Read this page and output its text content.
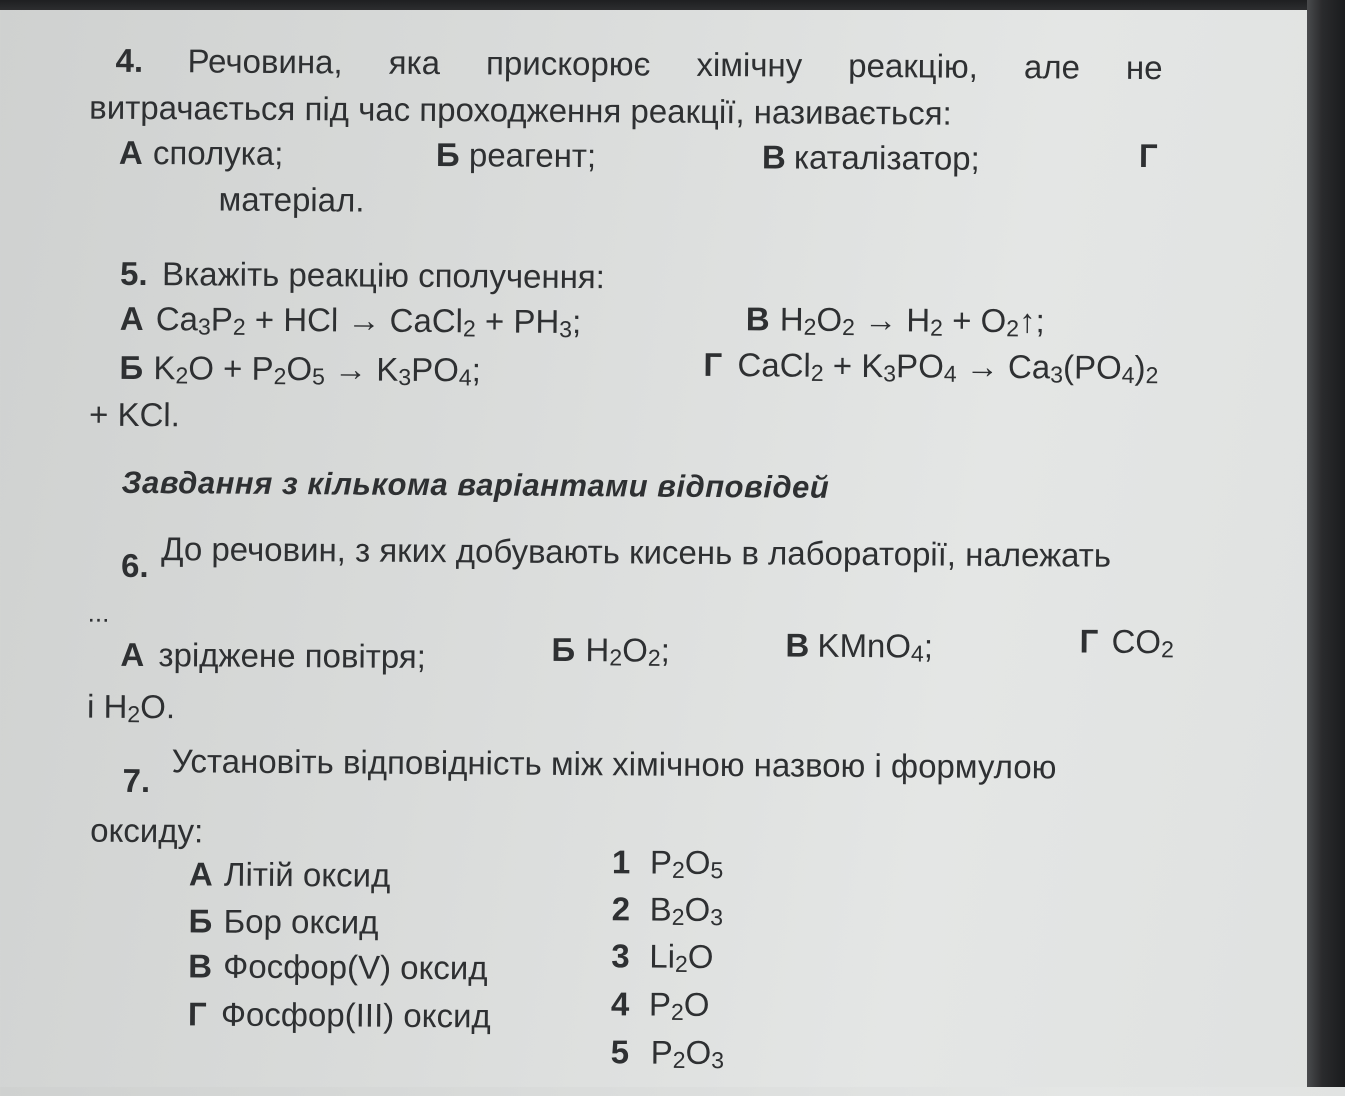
4. Речовина, яка прискорює хімічну реакцію, але не
витрачається під час проходження реакції, називається:
А сполука;	Б реагент;	В каталізатор;	Г
матеріал.
5. Вкажіть реакцію сполучення:
А $Ca_3P_2$ + HCl → CaCl$_2$ + $PH_3$;	В $H_2O_2 \to H_2$ + $O_2↑$;
Б $K_2O + P_2O_5 \to K_3PO_4$;	Г CaCl$_2$ + $K_3PO_4 \to Ca_3(PO_4)_2$
+ KCl.
Завдання з кількома варіантами відповідей
6. До речовин, з яких добувають кисень в лабораторії, належать
...
А зріджене повітря;	Б $H_2O_2$;	В KMnO$_4$;	Г $CO_2$
і $H_2O$.
7. Установіть відповідність між хімічною назвою і формулою
оксиду:
А Літій оксид
Б Бор оксид
В Фосфор(V) оксид
Г Фосфор(III) оксид
1 $P_2O_5$
2 $B_2O_3$
3 $Li_2O$
4 $P_2O$
5 $P_2O_3$
